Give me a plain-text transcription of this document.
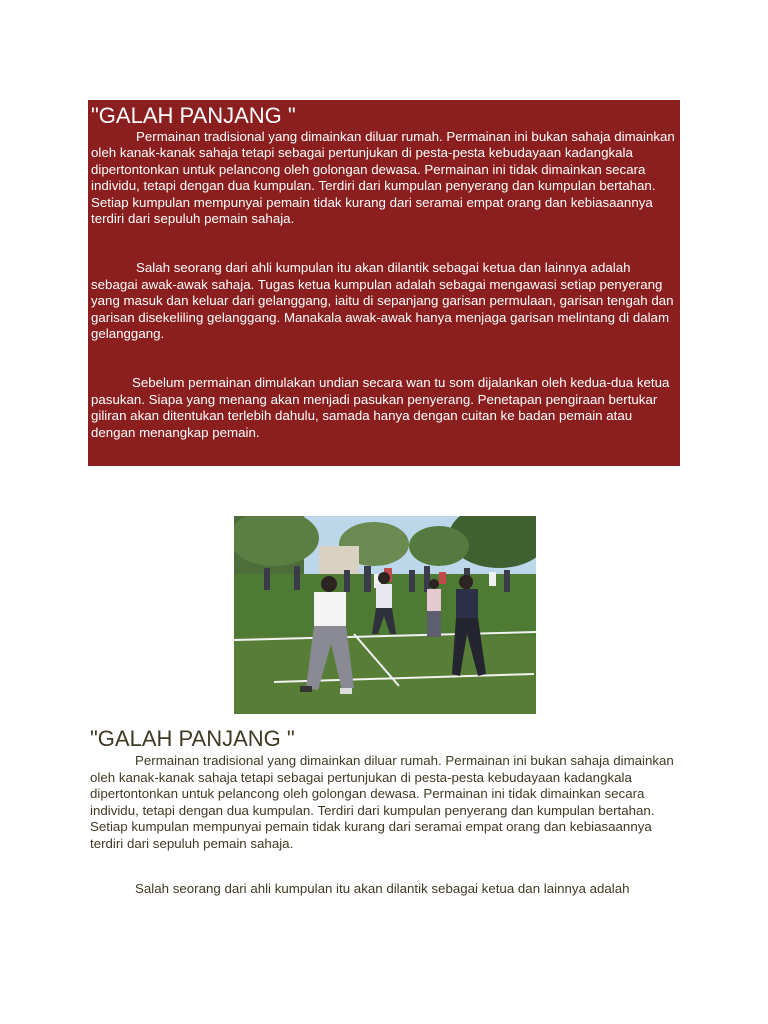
"GALAH PANJANG "

Permainan tradisional yang dimainkan diluar rumah. Permainan ini bukan sahaja dimainkan oleh kanak-kanak sahaja tetapi sebagai pertunjukan di pesta-pesta kebudayaan kadangkala dipertontonkan untuk pelancong oleh golongan dewasa. Permainan ini tidak dimainkan secara individu, tetapi dengan dua kumpulan. Terdiri dari kumpulan penyerang dan kumpulan bertahan. Setiap kumpulan mempunyai pemain tidak kurang dari seramai empat orang dan kebiasaannya terdiri dari sepuluh pemain sahaja.

Salah seorang dari ahli kumpulan itu akan dilantik sebagai ketua dan lainnya adalah sebagai awak-awak sahaja. Tugas ketua kumpulan adalah sebagai mengawasi setiap penyerang yang masuk dan keluar dari gelanggang, iaitu di sepanjang garisan permulaan, garisan tengah dan garisan disekeliling gelanggang. Manakala awak-awak hanya menjaga garisan melintang di dalam gelanggang.

Sebelum permainan dimulakan undian secara wan tu som dijalankan oleh kedua-dua ketua pasukan. Siapa yang menang akan menjadi pasukan penyerang. Penetapan pengiraan bertukar giliran akan ditentukan terlebih dahulu, samada hanya dengan cuitan ke badan pemain atau dengan menangkap pemain.

"GALAH PANJANG "

Permainan tradisional yang dimainkan diluar rumah. Permainan ini bukan sahaja dimainkan oleh kanak-kanak sahaja tetapi sebagai pertunjukan di pesta-pesta kebudayaan kadangkala dipertontonkan untuk pelancong oleh golongan dewasa. Permainan ini tidak dimainkan secara individu, tetapi dengan dua kumpulan. Terdiri dari kumpulan penyerang dan kumpulan bertahan. Setiap kumpulan mempunyai pemain tidak kurang dari seramai empat orang dan kebiasaannya terdiri dari sepuluh pemain sahaja.

Salah seorang dari ahli kumpulan itu akan dilantik sebagai ketua dan lainnya adalah
